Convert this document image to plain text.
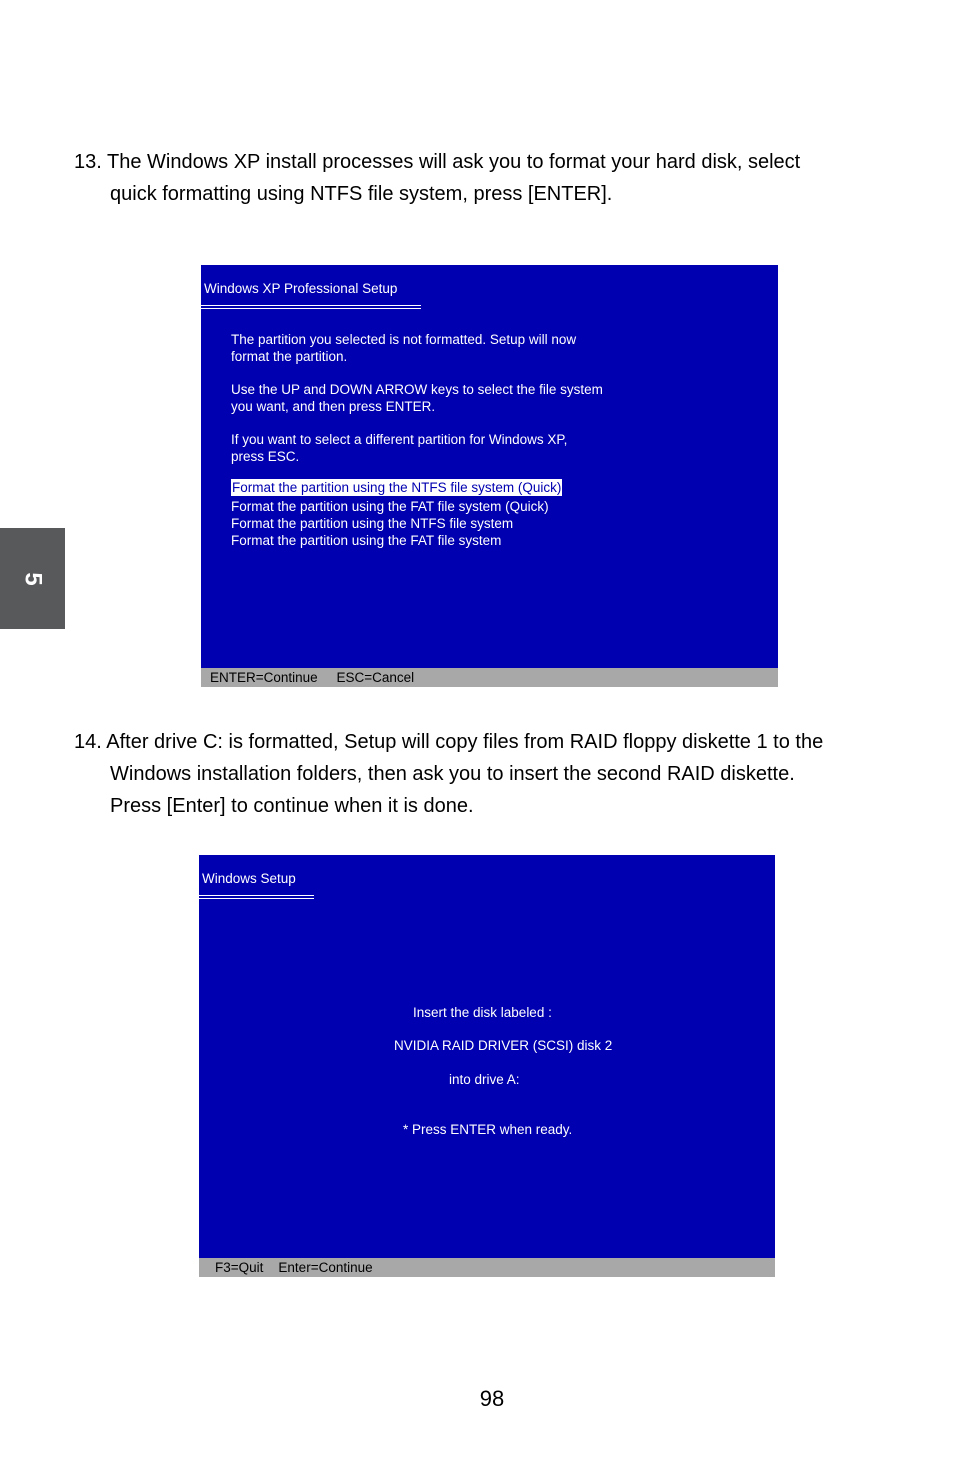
13. The Windows XP install processes will ask you to format your hard disk, select
quick formatting using NTFS file system, press [ENTER].
Windows XP Professional Setup
The partition you selected is not formatted. Setup will now
format the partition.
Use the UP and DOWN ARROW keys to select the file system
you want, and then press ENTER.
If you want to select a different partition for Windows XP,
press ESC.
Format the partition using the NTFS file system (Quick)
Format the partition using the FAT file system (Quick)
Format the partition using the NTFS file system
Format the partition using the FAT file system
ENTER=Continue ESC=Cancel
14. After drive C: is formatted, Setup will copy files from RAID floppy diskette 1 to the
Windows installation folders, then ask you to insert the second RAID diskette.
Press [Enter] to continue when it is done.
Windows Setup
Insert the disk labeled :
NVIDIA RAID DRIVER (SCSI) disk 2
into drive A:
* Press ENTER when ready.
F3=Quit Enter=Continue
5
98
